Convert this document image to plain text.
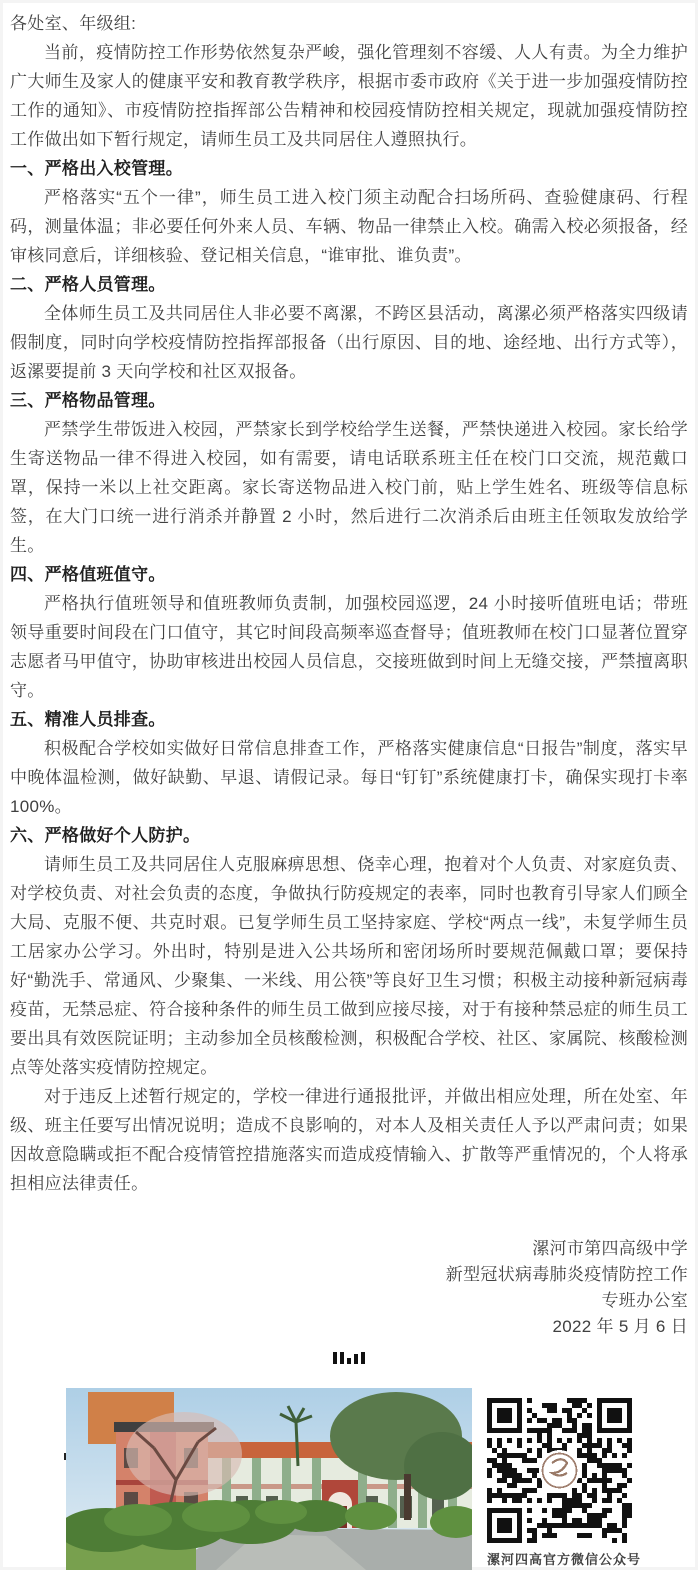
各处室、年级组:

当前，疫情防控工作形势依然复杂严峻，强化管理刻不容缓、人人有责。为全力维护广大师生及家人的健康平安和教育教学秩序，根据市委市政府《关于进一步加强疫情防控工作的通知》、市疫情防控指挥部公告精神和校园疫情防控相关规定，现就加强疫情防控工作做出如下暂行规定，请师生员工及共同居住人遵照执行。

一、严格出入校管理。

严格落实“五个一律”，师生员工进入校门须主动配合扫场所码、查验健康码、行程码，测量体温；非必要任何外来人员、车辆、物品一律禁止入校。确需入校必须报备，经审核同意后，详细核验、登记相关信息，“谁审批、谁负责”。

二、严格人员管理。

全体师生员工及共同居住人非必要不离漯，不跨区县活动，离漯必须严格落实四级请假制度，同时向学校疫情防控指挥部报备（出行原因、目的地、途经地、出行方式等），返漯要提前 3 天向学校和社区双报备。

三、严格物品管理。

严禁学生带饭进入校园，严禁家长到学校给学生送餐，严禁快递进入校园。家长给学生寄送物品一律不得进入校园，如有需要，请电话联系班主任在校门口交流，规范戴口罩，保持一米以上社交距离。家长寄送物品进入校门前，贴上学生姓名、班级等信息标签，在大门口统一进行消杀并静置 2 小时，然后进行二次消杀后由班主任领取发放给学生。

四、严格值班值守。

严格执行值班领导和值班教师负责制，加强校园巡逻，24 小时接听值班电话；带班领导重要时间段在门口值守，其它时间段高频率巡查督导；值班教师在校门口显著位置穿志愿者马甲值守，协助审核进出校园人员信息，交接班做到时间上无缝交接，严禁擅离职守。

五、精准人员排查。

积极配合学校如实做好日常信息排查工作，严格落实健康信息“日报告”制度，落实早中晚体温检测，做好缺勤、早退、请假记录。每日“钉钉”系统健康打卡，确保实现打卡率 100%。

六、严格做好个人防护。

请师生员工及共同居住人克服麻痹思想、侥幸心理，抱着对个人负责、对家庭负责、对学校负责、对社会负责的态度，争做执行防疫规定的表率，同时也教育引导家人们顾全大局、克服不便、共克时艰。已复学师生员工坚持家庭、学校“两点一线”，未复学师生员工居家办公学习。外出时，特别是进入公共场所和密闭场所时要规范佩戴口罩；要保持好“勤洗手、常通风、少聚集、一米线、用公筷”等良好卫生习惯；积极主动接种新冠病毒疫苗，无禁忌症、符合接种条件的师生员工做到应接尽接，对于有接种禁忌症的师生员工要出具有效医院证明；主动参加全员核酸检测，积极配合学校、社区、家属院、核酸检测点等处落实疫情防控规定。

对于违反上述暂行规定的，学校一律进行通报批评，并做出相应处理，所在处室、年级、班主任要写出情况说明；造成不良影响的，对本人及相关责任人予以严肃问责；如果因故意隐瞒或拒不配合疫情管控措施落实而造成疫情输入、扩散等严重情况的，个人将承担相应法律责任。

漯河市第四高级中学

新型冠状病毒肺炎疫情防控工作

专班办公室

2022 年 5 月 6 日

漯河四高官方微信公众号
